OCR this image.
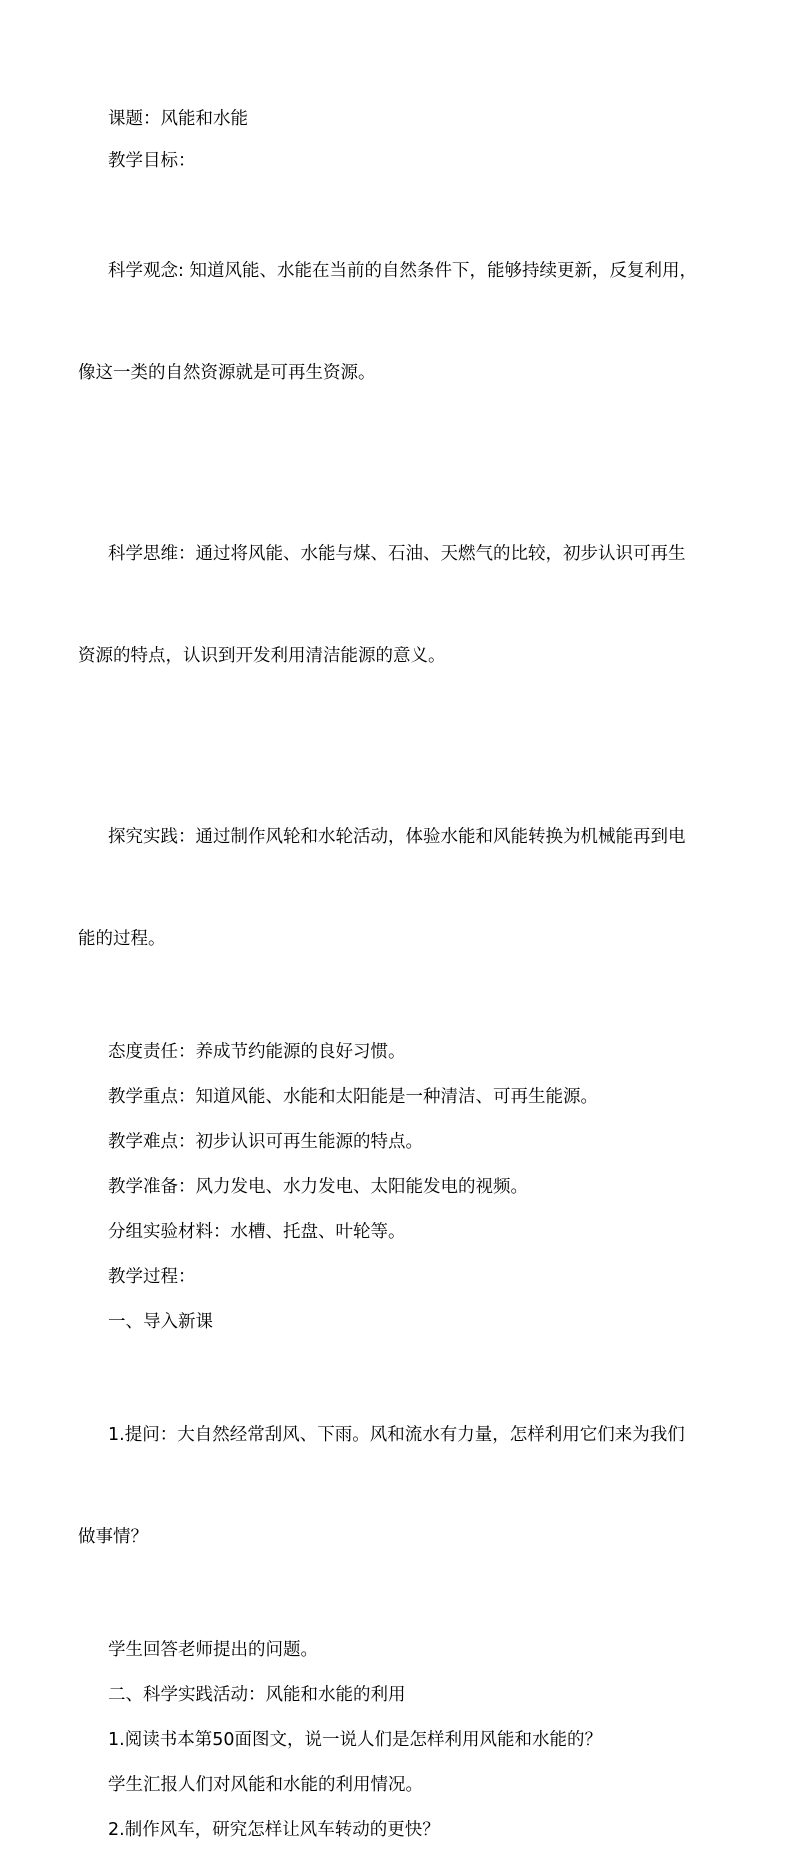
课题：风能和水能

教学目标：

科学观念: 知道风能、水能在当前的自然条件下，能够持续更新，反复利用，

像这一类的自然资源就是可再生资源。

科学思维：通过将风能、水能与煤、石油、天燃气的比较，初步认识可再生

资源的特点，认识到开发利用清洁能源的意义。

探究实践：通过制作风轮和水轮活动，体验水能和风能转换为机械能再到电

能的过程。

态度责任：养成节约能源的良好习惯。

教学重点：知道风能、水能和太阳能是一种清洁、可再生能源。

教学难点：初步认识可再生能源的特点。

教学准备：风力发电、水力发电、太阳能发电的视频。

分组实验材料：水槽、托盘、叶轮等。

教学过程：

一、导入新课

1.提问：大自然经常刮风、下雨。风和流水有力量，怎样利用它们来为我们

做事情？

学生回答老师提出的问题。

二、科学实践活动：风能和水能的利用

1.阅读书本第50面图文，说一说人们是怎样利用风能和水能的？

学生汇报人们对风能和水能的利用情况。

2.制作风车，研究怎样让风车转动的更快？
